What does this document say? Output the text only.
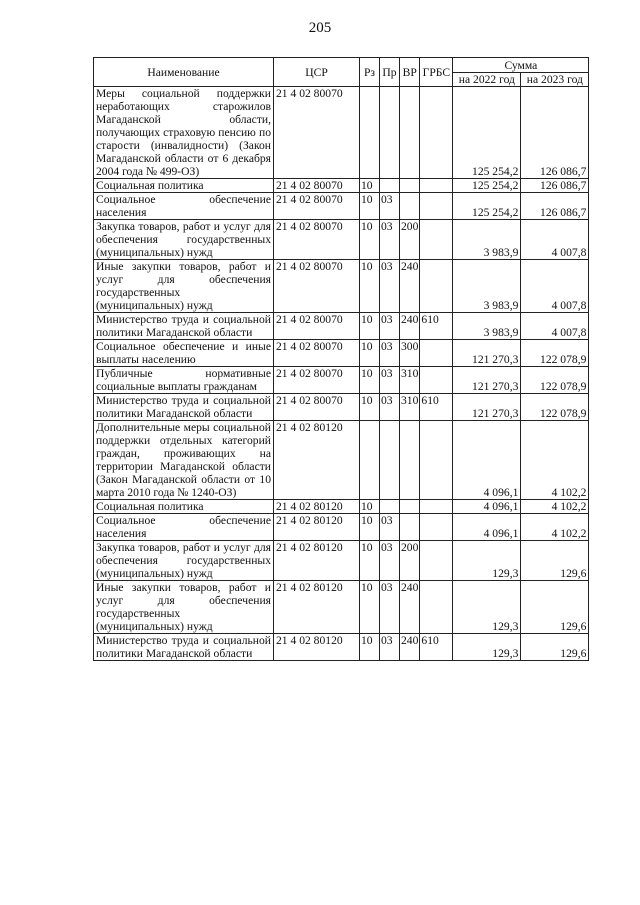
205
Наименование	ЦСР	Рз	Пр	ВР	ГРБС	Сумма	
						на 2022 год	на 2023 год
Меры социальной поддержки неработающих старожилов Магаданской области, получающих страховую пенсию по старости (инвалидности) (Закон Магаданской области от 6 декабря 2004 года № 499-ОЗ)	21 4 02 80070					125 254,2	126 086,7
Социальная политика	21 4 02 80070	10				125 254,2	126 086,7
Социальное обеспечение населения	21 4 02 80070	10	03			125 254,2	126 086,7
Закупка товаров, работ и услуг для обеспечения государственных (муниципальных) нужд	21 4 02 80070	10	03	200		3 983,9	4 007,8
Иные закупки товаров, работ и услуг для обеспечения государственных (муниципальных) нужд	21 4 02 80070	10	03	240		3 983,9	4 007,8
Министерство труда и социальной политики Магаданской области	21 4 02 80070	10	03	240	610	3 983,9	4 007,8
Социальное обеспечение и иные выплаты населению	21 4 02 80070	10	03	300		121 270,3	122 078,9
Публичные нормативные социальные выплаты гражданам	21 4 02 80070	10	03	310		121 270,3	122 078,9
Министерство труда и социальной политики Магаданской области	21 4 02 80070	10	03	310	610	121 270,3	122 078,9
Дополнительные меры социальной поддержки отдельных категорий граждан, проживающих на территории Магаданской области (Закон Магаданской области от 10 марта 2010 года № 1240-ОЗ)	21 4 02 80120					4 096,1	4 102,2
Социальная политика	21 4 02 80120	10				4 096,1	4 102,2
Социальное обеспечение населения	21 4 02 80120	10	03			4 096,1	4 102,2
Закупка товаров, работ и услуг для обеспечения государственных (муниципальных) нужд	21 4 02 80120	10	03	200		129,3	129,6
Иные закупки товаров, работ и услуг для обеспечения государственных (муниципальных) нужд	21 4 02 80120	10	03	240		129,3	129,6
Министерство труда и социальной политики Магаданской области	21 4 02 80120	10	03	240	610	129,3	129,6
